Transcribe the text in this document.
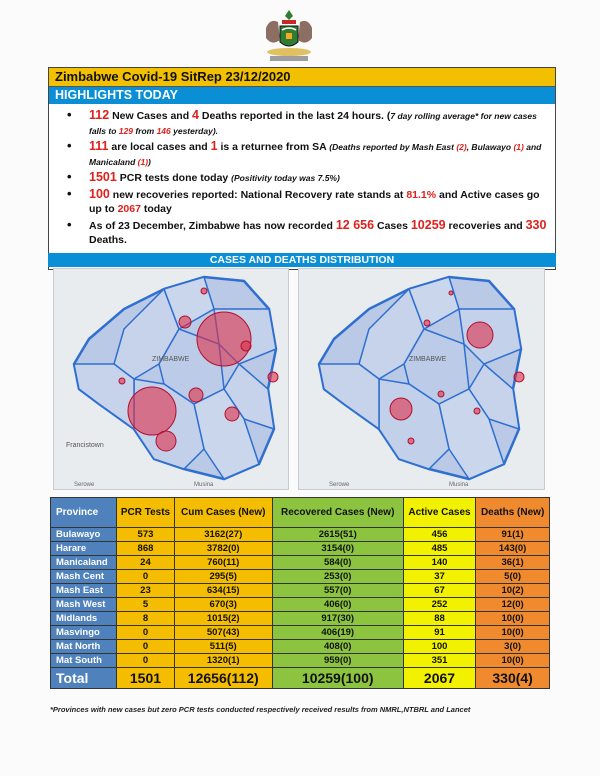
Zimbabwe Covid-19 SitRep 23/12/2020
HIGHLIGHTS TODAY
• 112 New Cases and 4 Deaths reported in the last 24 hours. (7 day rolling average* for new cases falls to 129 from 146 yesterday).
• 111 are local cases and 1 is a returnee from SA (Deaths reported by Mash East (2), Bulawayo (1) and Manicaland (1))
• 1501 PCR tests done today (Positivity today was 7.5%)
• 100 new recoveries reported: National Recovery rate stands at 81.1% and Active cases go up to 2067 today
• As of 23 December, Zimbabwe has now recorded 12 656 Cases 10259 recoveries and 330 Deaths.
CASES AND DEATHS DISTRIBUTION
ZIMBABWE
Francistown
Serowe	Musina
ZIMBABWE
Serowe	Musina
Province	PCR Tests	Cum Cases (New)	Recovered Cases (New)	Active Cases	Deaths (New)
Bulawayo	573	3162(27)	2615(51)	456	91(1)
Harare	868	3782(0)	3154(0)	485	143(0)
Manicaland	24	760(11)	584(0)	140	36(1)
Mash Cent	0	295(5)	253(0)	37	5(0)
Mash East	23	634(15)	557(0)	67	10(2)
Mash West	5	670(3)	406(0)	252	12(0)
Midlands	8	1015(2)	917(30)	88	10(0)
Masvingo	0	507(43)	406(19)	91	10(0)
Mat North	0	511(5)	408(0)	100	3(0)
Mat South	0	1320(1)	959(0)	351	10(0)
Total	1501	12656(112)	10259(100)	2067	330(4)
*Provinces with new cases but zero PCR tests conducted respectively received results from NMRL,NTBRL and Lancet
